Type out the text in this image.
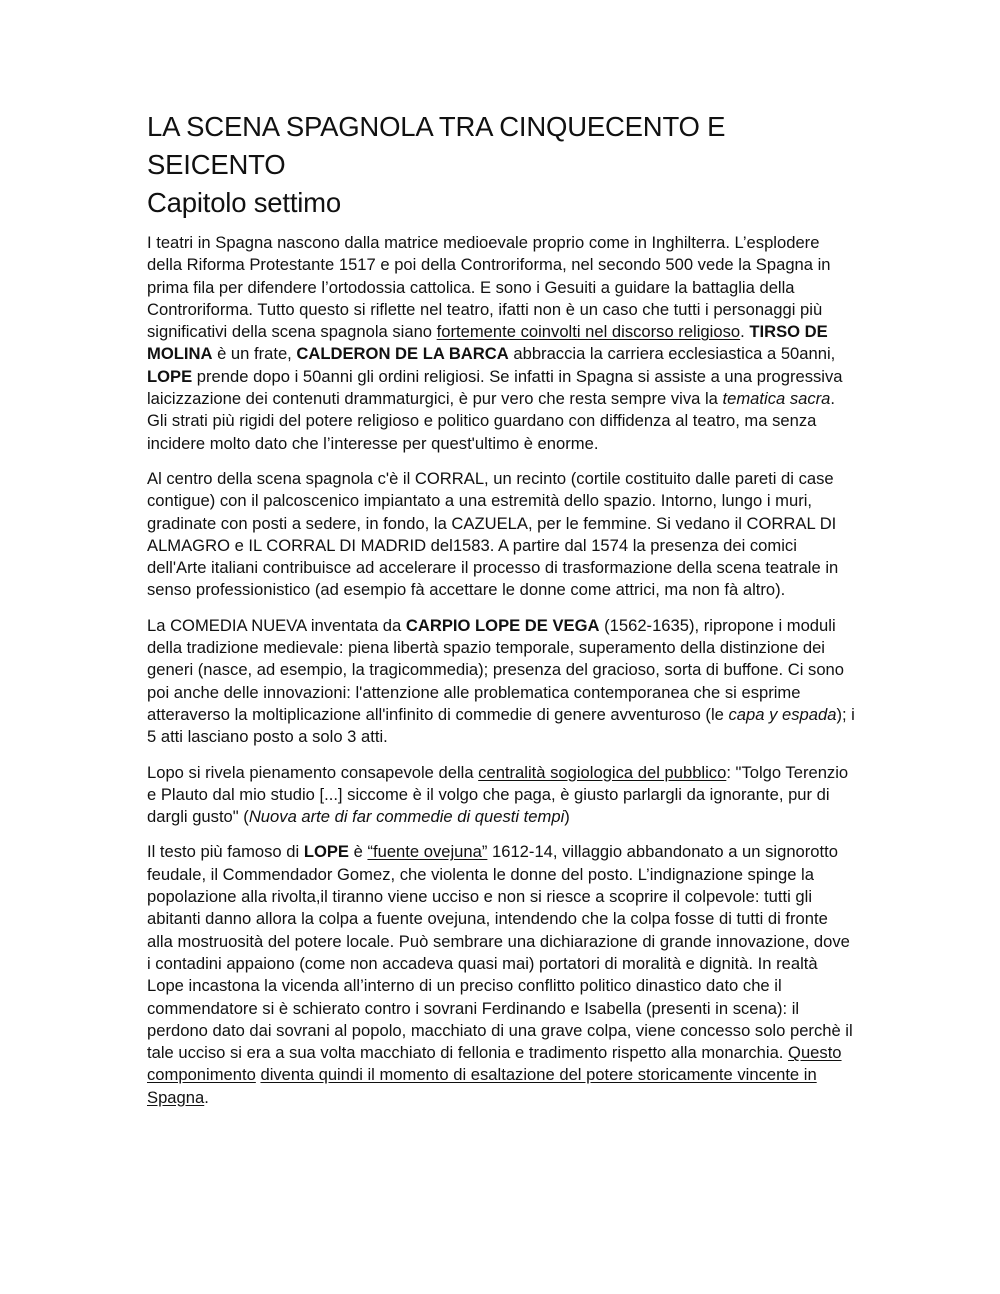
LA SCENA SPAGNOLA TRA CINQUECENTO E SEICENTO
Capitolo settimo

I teatri in Spagna nascono dalla matrice medioevale proprio come in Inghilterra. L’esplodere della Riforma Protestante 1517 e poi della Controriforma, nel secondo 500 vede la Spagna in prima fila per difendere l’ortodossia cattolica. E sono i Gesuiti a guidare la battaglia della Controriforma. Tutto questo si riflette nel teatro, ifatti non è un caso che tutti i personaggi più significativi della scena spagnola siano fortemente coinvolti nel discorso religioso. TIRSO DE MOLINA è un frate, CALDERON DE LA BARCA abbraccia la carriera ecclesiastica a 50anni, LOPE prende dopo i 50anni gli ordini religiosi. Se infatti in Spagna si assiste a una progressiva laicizzazione dei contenuti drammaturgici, è pur vero che resta sempre viva la tematica sacra. Gli strati più rigidi del potere religioso e politico guardano con diffidenza al teatro, ma senza incidere molto dato che l’interesse per quest'ultimo è enorme.

Al centro della scena spagnola c'è il CORRAL, un recinto (cortile costituito dalle pareti di case contigue) con il palcoscenico impiantato a una estremità dello spazio. Intorno, lungo i muri, gradinate con posti a sedere, in fondo, la CAZUELA, per le femmine. Si vedano il CORRAL DI ALMAGRO e IL CORRAL DI MADRID del1583. A partire dal 1574 la presenza dei comici dell'Arte italiani contribuisce ad accelerare il processo di trasformazione della scena teatrale in senso professionistico (ad esempio fà accettare le donne come attrici, ma non fà altro).

La COMEDIA NUEVA inventata da CARPIO LOPE DE VEGA (1562-1635), ripropone i moduli della tradizione medievale: piena libertà spazio temporale, superamento della distinzione dei generi (nasce, ad esempio, la tragicommedia); presenza del gracioso, sorta di buffone. Ci sono poi anche delle innovazioni: l'attenzione alle problematica contemporanea che si esprime atteraverso la moltiplicazione all'infinito di commedie di genere avventuroso (le capa y espada); i 5 atti lasciano posto a solo 3 atti.

Lopo si rivela pienamento consapevole della centralità sogiologica del pubblico: "Tolgo Terenzio e Plauto dal mio studio [...] siccome è il volgo che paga, è giusto parlargli da ignorante, pur di dargli gusto" (Nuova arte di far commedie di questi tempi)

Il testo più famoso di LOPE è “fuente ovejuna” 1612-14, villaggio abbandonato a un signorotto feudale, il Commendador Gomez, che violenta le donne del posto. L’indignazione spinge la popolazione alla rivolta,il tiranno viene ucciso e non si riesce a scoprire il colpevole: tutti gli abitanti danno allora la colpa a fuente ovejuna, intendendo che la colpa fosse di tutti di fronte alla mostruosità del potere locale. Può sembrare una dichiarazione di grande innovazione, dove i contadini appaiono (come non accadeva quasi mai) portatori di moralità e dignità. In realtà Lope incastona la vicenda all’interno di un preciso conflitto politico dinastico dato che il commendatore si è schierato contro i sovrani Ferdinando e Isabella (presenti in scena): il perdono dato dai sovrani al popolo, macchiato di una grave colpa, viene concesso solo perchè il tale ucciso si era a sua volta macchiato di fellonia e tradimento rispetto alla monarchia. Questo componimento diventa quindi il momento di esaltazione del potere storicamente vincente in Spagna.
